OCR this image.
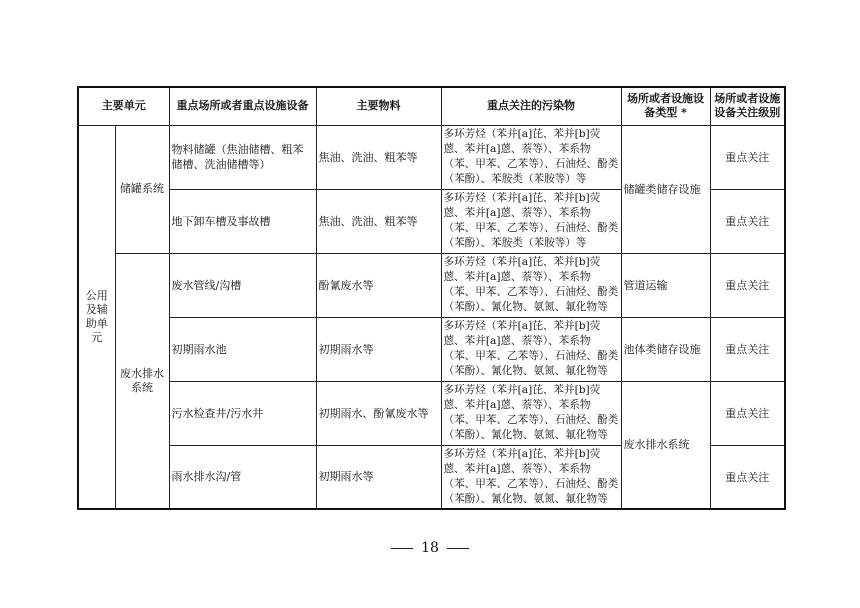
主要单元		重点场所或者重点设施设备	主要物料	重点关注的污染物	场所或者设施设备类型 *	场所或者设施设备关注级别
公用及辅助单元	储罐系统	物料储罐（焦油储槽、粗苯储槽、洗油储槽等）	焦油、洗油、粗苯等	多环芳烃（苯并[a]芘、苯并[b]荧蒽、苯并[a]蒽、萘等）、苯系物（苯、甲苯、乙苯等）、石油烃、酚类（苯酚）、苯胺类（苯胺等）等	储罐类储存设施	重点关注
		地下卸车槽及事故槽	焦油、洗油、粗苯等	多环芳烃（苯并[a]芘、苯并[b]荧蒽、苯并[a]蒽、萘等）、苯系物（苯、甲苯、乙苯等）、石油烃、酚类（苯酚）、苯胺类（苯胺等）等		重点关注
	废水排水系统	废水管线/沟槽	酚氰废水等	多环芳烃（苯并[a]芘、苯并[b]荧蒽、苯并[a]蒽、萘等）、苯系物（苯、甲苯、乙苯等）、石油烃、酚类（苯酚）、氰化物、氨氮、氟化物等	管道运输	重点关注
		初期雨水池	初期雨水等	多环芳烃（苯并[a]芘、苯并[b]荧蒽、苯并[a]蒽、萘等）、苯系物（苯、甲苯、乙苯等）、石油烃、酚类（苯酚）、氰化物、氨氮、氟化物等	池体类储存设施	重点关注
		污水检查井/污水井	初期雨水、酚氰废水等	多环芳烃（苯并[a]芘、苯并[b]荧蒽、苯并[a]蒽、萘等）、苯系物（苯、甲苯、乙苯等）、石油烃、酚类（苯酚）、氰化物、氨氮、氟化物等	废水排水系统	重点关注
		雨水排水沟/管	初期雨水等	多环芳烃（苯并[a]芘、苯并[b]荧蒽、苯并[a]蒽、萘等）、苯系物（苯、甲苯、乙苯等）、石油烃、酚类（苯酚）、氰化物、氨氮、氟化物等		重点关注
18
